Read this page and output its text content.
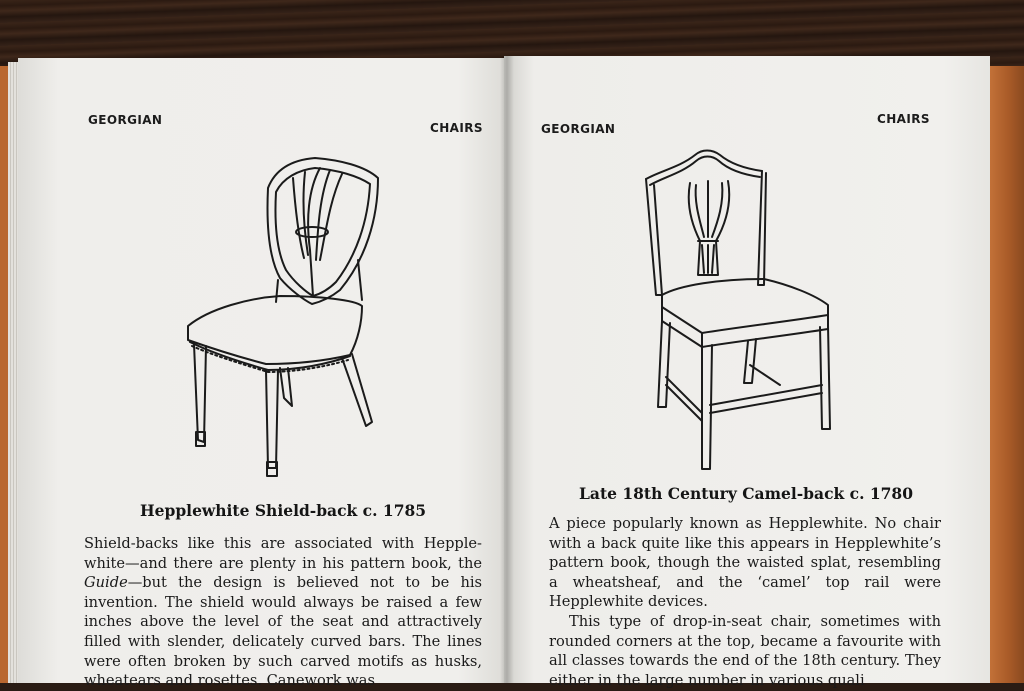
GEORGIAN
CHAIRS
Hepplewhite Shield-back c. 1785

Shield-backs like this are associated with Hepple-white—and there are plenty in his pattern book, the Guide—but the design is believed not to be his invention. The shield would always be raised a few inches above the level of the seat and attractively filled with slender, delicately curved bars. The lines were often broken by such carved motifs as husks, wheatears and rosettes. Canework was

GEORGIAN
CHAIRS
Late 18th Century Camel-back c. 1780

A piece popularly known as Hepplewhite. No chair with a back quite like this appears in Hepplewhite’s pattern book, though the waisted splat, resembling a wheatsheaf, and the ‘camel’ top rail were Hepplewhite devices.

This type of drop-in-seat chair, sometimes with rounded corners at the top, became a favourite with all classes towards the end of the 18th century. They either in the large number in various quali
